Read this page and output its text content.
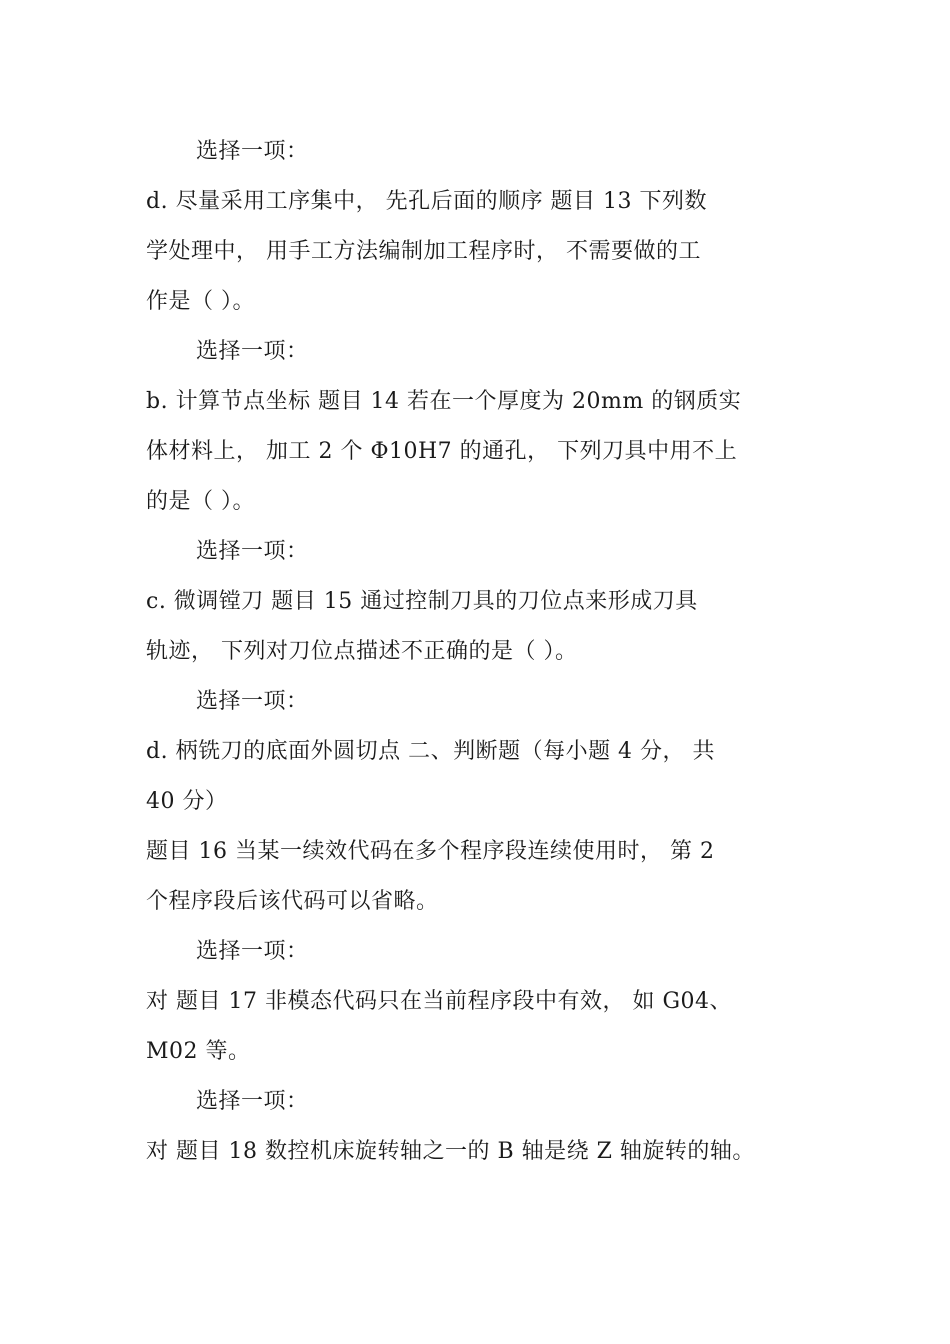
选择一项：
d. 尽量采用工序集中， 先孔后面的顺序 题目 13 下列数
学处理中， 用手工方法编制加工程序时， 不需要做的工
作是（ ）。
选择一项：
b. 计算节点坐标 题目 14 若在一个厚度为 20mm 的钢质实
体材料上， 加工 2 个 Φ10H7 的通孔， 下列刀具中用不上
的是（ ）。
选择一项：
c. 微调镗刀 题目 15 通过控制刀具的刀位点来形成刀具
轨迹， 下列对刀位点描述不正确的是（ ）。
选择一项：
d. 柄铣刀的底面外圆切点 二、判断题（每小题 4 分， 共
40 分）
题目 16 当某一续效代码在多个程序段连续使用时， 第 2
个程序段后该代码可以省略。
选择一项：
对 题目 17 非模态代码只在当前程序段中有效， 如 G04、
M02 等。
选择一项：
对 题目 18 数控机床旋转轴之一的 B 轴是绕 Z 轴旋转的轴。
